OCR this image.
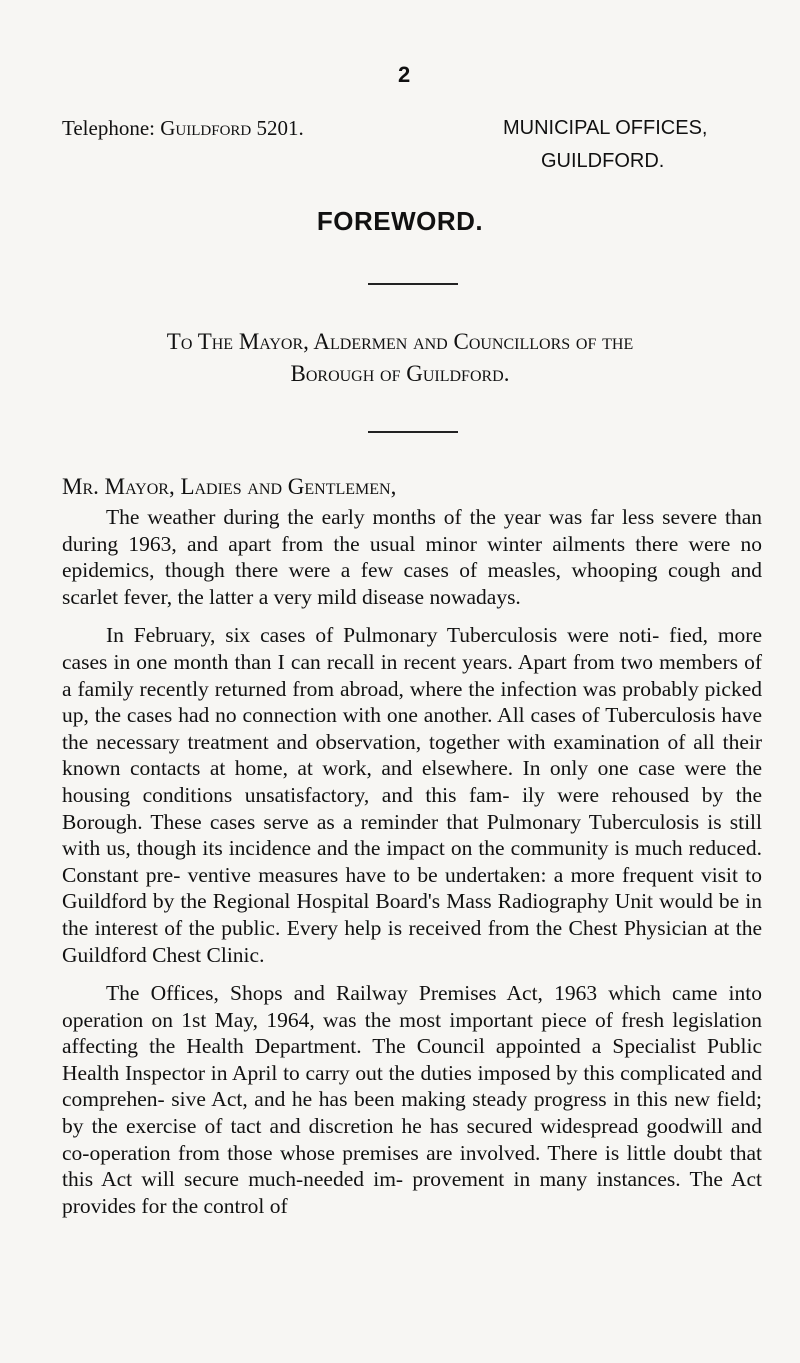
2
Telephone: Guildford 5201.	MUNICIPAL OFFICES,
GUILDFORD.
FOREWORD.
To The Mayor, Aldermen and Councillors of the
Borough of Guildford.
Mr. Mayor, Ladies and Gentlemen,

The weather during the early months of the year was far less severe than during 1963, and apart from the usual minor winter ailments there were no epidemics, though there were a few cases of measles, whooping cough and scarlet fever, the latter a very mild disease nowadays.

In February, six cases of Pulmonary Tuberculosis were noti- fied, more cases in one month than I can recall in recent years. Apart from two members of a family recently returned from abroad, where the infection was probably picked up, the cases had no connection with one another. All cases of Tuberculosis have the necessary treatment and observation, together with examination of all their known contacts at home, at work, and elsewhere. In only one case were the housing conditions unsatisfactory, and this fam- ily were rehoused by the Borough. These cases serve as a reminder that Pulmonary Tuberculosis is still with us, though its incidence and the impact on the community is much reduced. Constant pre- ventive measures have to be undertaken: a more frequent visit to Guildford by the Regional Hospital Board's Mass Radiography Unit would be in the interest of the public. Every help is received from the Chest Physician at the Guildford Chest Clinic.

The Offices, Shops and Railway Premises Act, 1963 which came into operation on 1st May, 1964, was the most important piece of fresh legislation affecting the Health Department. The Council appointed a Specialist Public Health Inspector in April to carry out the duties imposed by this complicated and comprehen- sive Act, and he has been making steady progress in this new field; by the exercise of tact and discretion he has secured widespread goodwill and co-operation from those whose premises are involved. There is little doubt that this Act will secure much-needed im- provement in many instances. The Act provides for the control of
